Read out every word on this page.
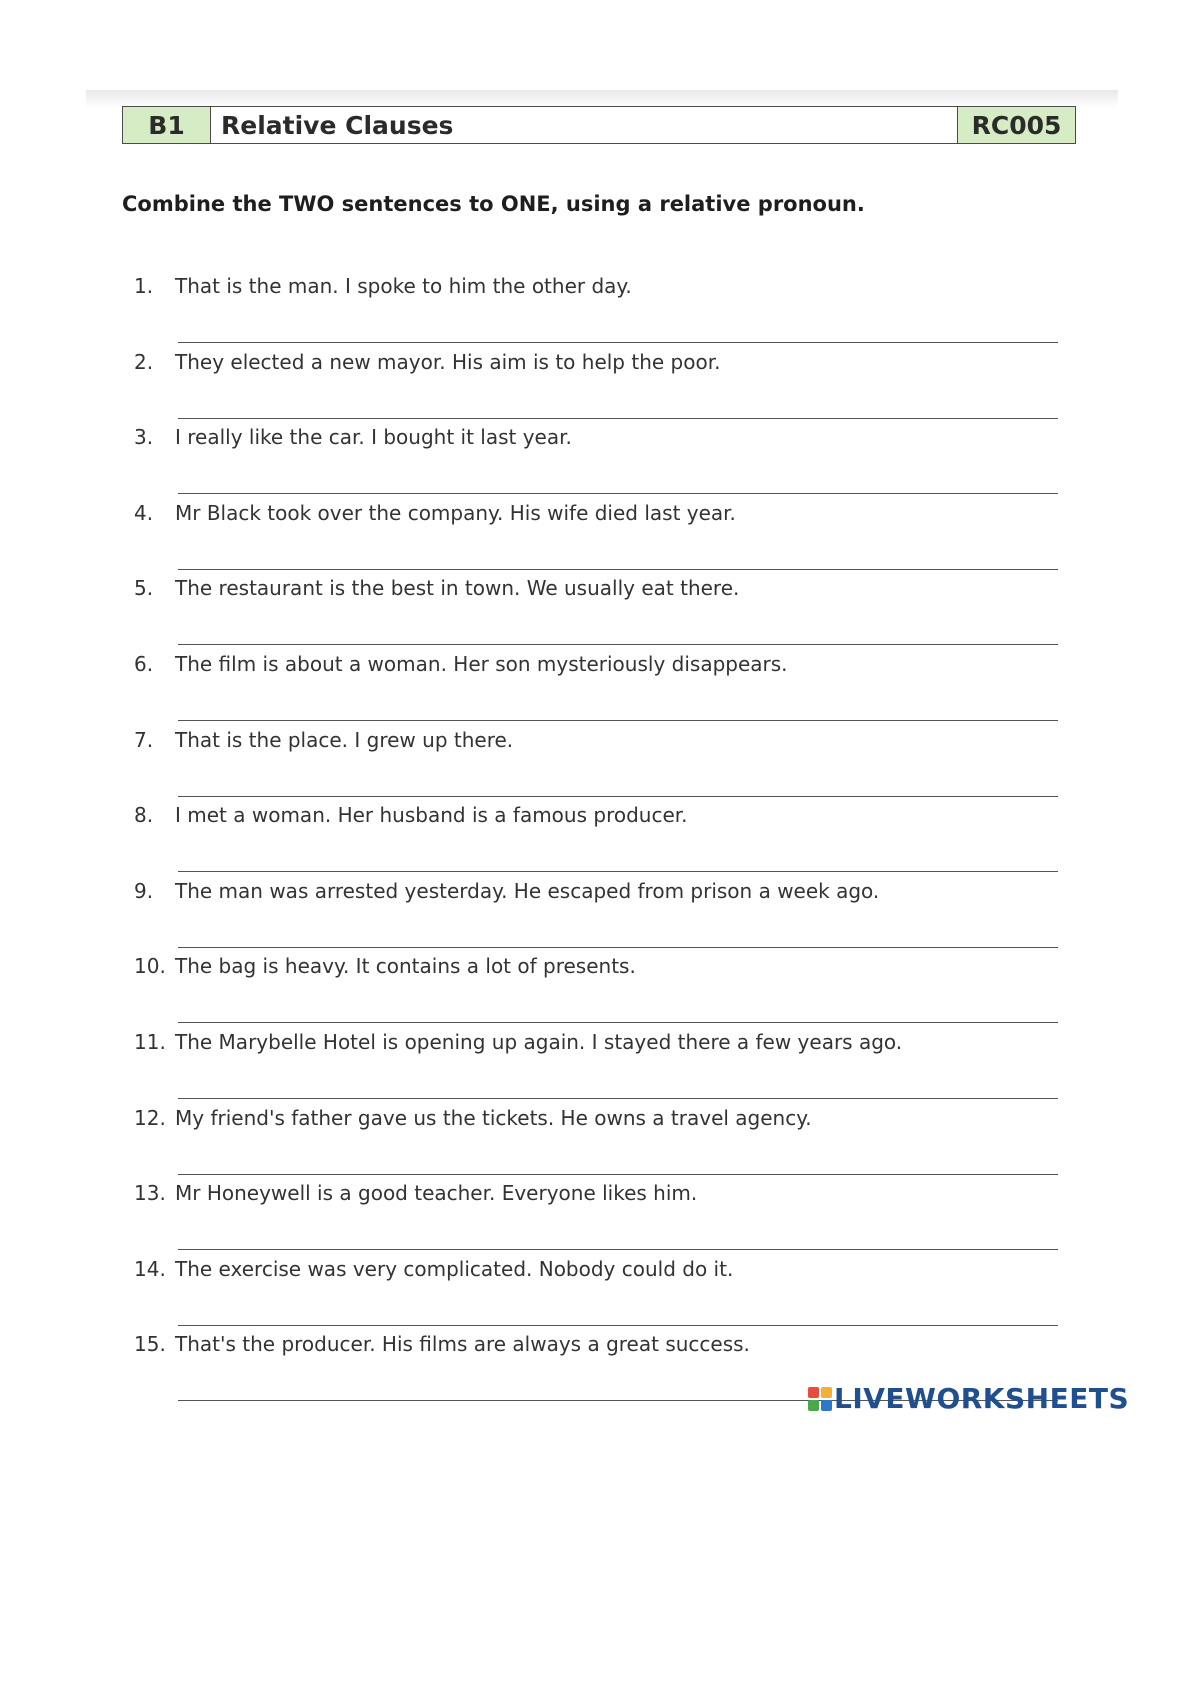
B1	Relative Clauses	RC005
Combine the TWO sentences to ONE, using a relative pronoun.
1. That is the man. I spoke to him the other day.
2. They elected a new mayor. His aim is to help the poor.
3. I really like the car. I bought it last year.
4. Mr Black took over the company. His wife died last year.
5. The restaurant is the best in town. We usually eat there.
6. The film is about a woman. Her son mysteriously disappears.
7. That is the place. I grew up there.
8. I met a woman. Her husband is a famous producer.
9. The man was arrested yesterday. He escaped from prison a week ago.
10. The bag is heavy. It contains a lot of presents.
11. The Marybelle Hotel is opening up again. I stayed there a few years ago.
12. My friend's father gave us the tickets. He owns a travel agency.
13. Mr Honeywell is a good teacher. Everyone likes him.
14. The exercise was very complicated. Nobody could do it.
15. That's the producer. His films are always a great success.
LIVEWORKSHEETS
